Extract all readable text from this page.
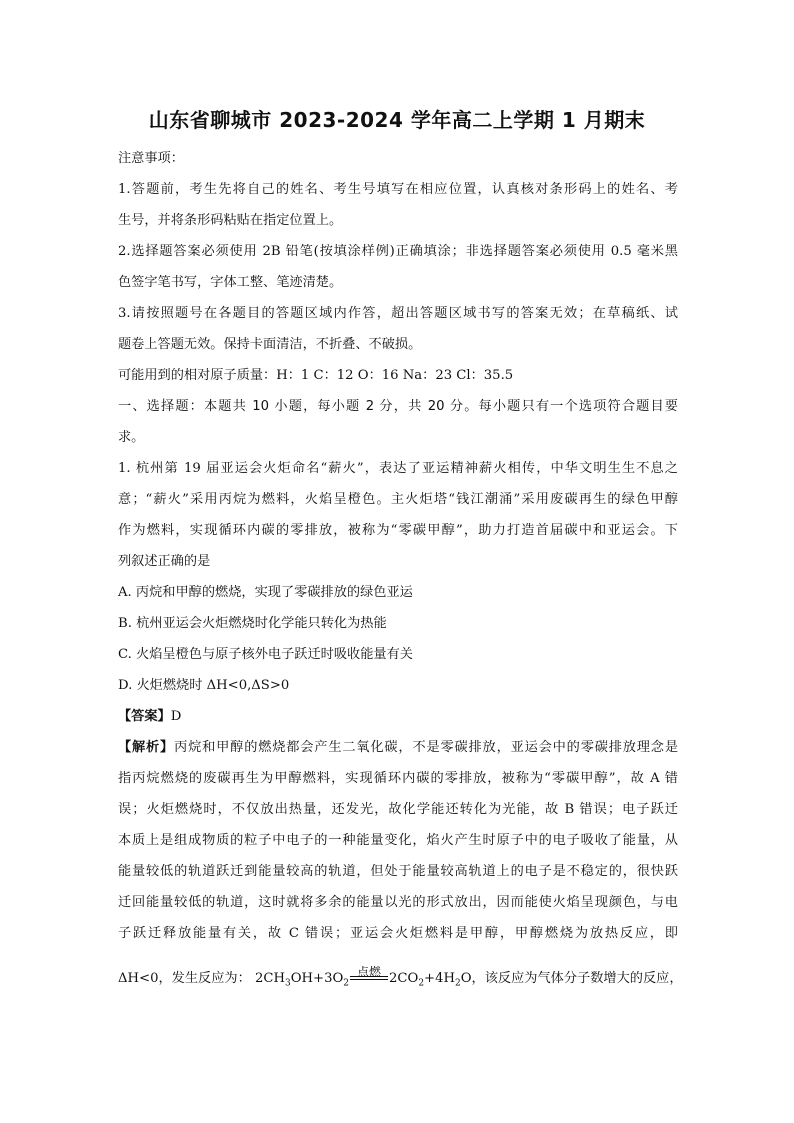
山东省聊城市 2023-2024 学年高二上学期 1 月期末
注意事项：
1.答题前，考生先将自己的姓名、考生号填写在相应位置，认真核对条形码上的姓名、考
生号，并将条形码粘贴在指定位置上。
2.选择题答案必须使用 2B 铅笔(按填涂样例)正确填涂；非选择题答案必须使用 0.5 毫米黑
色签字笔书写，字体工整、笔迹清楚。
3.请按照题号在各题目的答题区域内作答，超出答题区域书写的答案无效；在草稿纸、试
题卷上答题无效。保持卡面清洁，不折叠、不破损。
可能用到的相对原子质量：H：1 C：12 O：16 Na：23 Cl：35.5
一、选择题：本题共 10 小题，每小题 2 分，共 20 分。每小题只有一个选项符合题目要
求。
1. 杭州第 19 届亚运会火炬命名“薪火”，表达了亚运精神薪火相传，中华文明生生不息之
意；“薪火”采用丙烷为燃料，火焰呈橙色。主火炬塔“钱江潮涌”采用废碳再生的绿色甲醇
作为燃料，实现循环内碳的零排放，被称为“零碳甲醇”，助力打造首届碳中和亚运会。下
列叙述正确的是
A. 丙烷和甲醇的燃烧，实现了零碳排放的绿色亚运
B. 杭州亚运会火炬燃烧时化学能只转化为热能
C. 火焰呈橙色与原子核外电子跃迁时吸收能量有关
D. 火炬燃烧时 ΔH<0,ΔS>0
【答案】D
【解析】丙烷和甲醇的燃烧都会产生二氧化碳，不是零碳排放，亚运会中的零碳排放理念是
指丙烷燃烧的废碳再生为甲醇燃料，实现循环内碳的零排放，被称为“零碳甲醇”，故 A 错
误；火炬燃烧时，不仅放出热量，还发光，故化学能还转化为光能，故 B 错误；电子跃迁
本质上是组成物质的粒子中电子的一种能量变化，焰火产生时原子中的电子吸收了能量，从
能量较低的轨道跃迁到能量较高的轨道，但处于能量较高轨道上的电子是不稳定的，很快跃
迁回能量较低的轨道，这时就将多余的能量以光的形式放出，因而能使火焰呈现颜色，与电
子跃迁释放能量有关，故 C 错误；亚运会火炬燃料是甲醇，甲醇燃烧为放热反应，即
ΔH<0，发生反应为： $2CH_3OH+3O_2$
点燃 $2CO_2+4H_2O$，该反应为气体分子数增大的反应，
